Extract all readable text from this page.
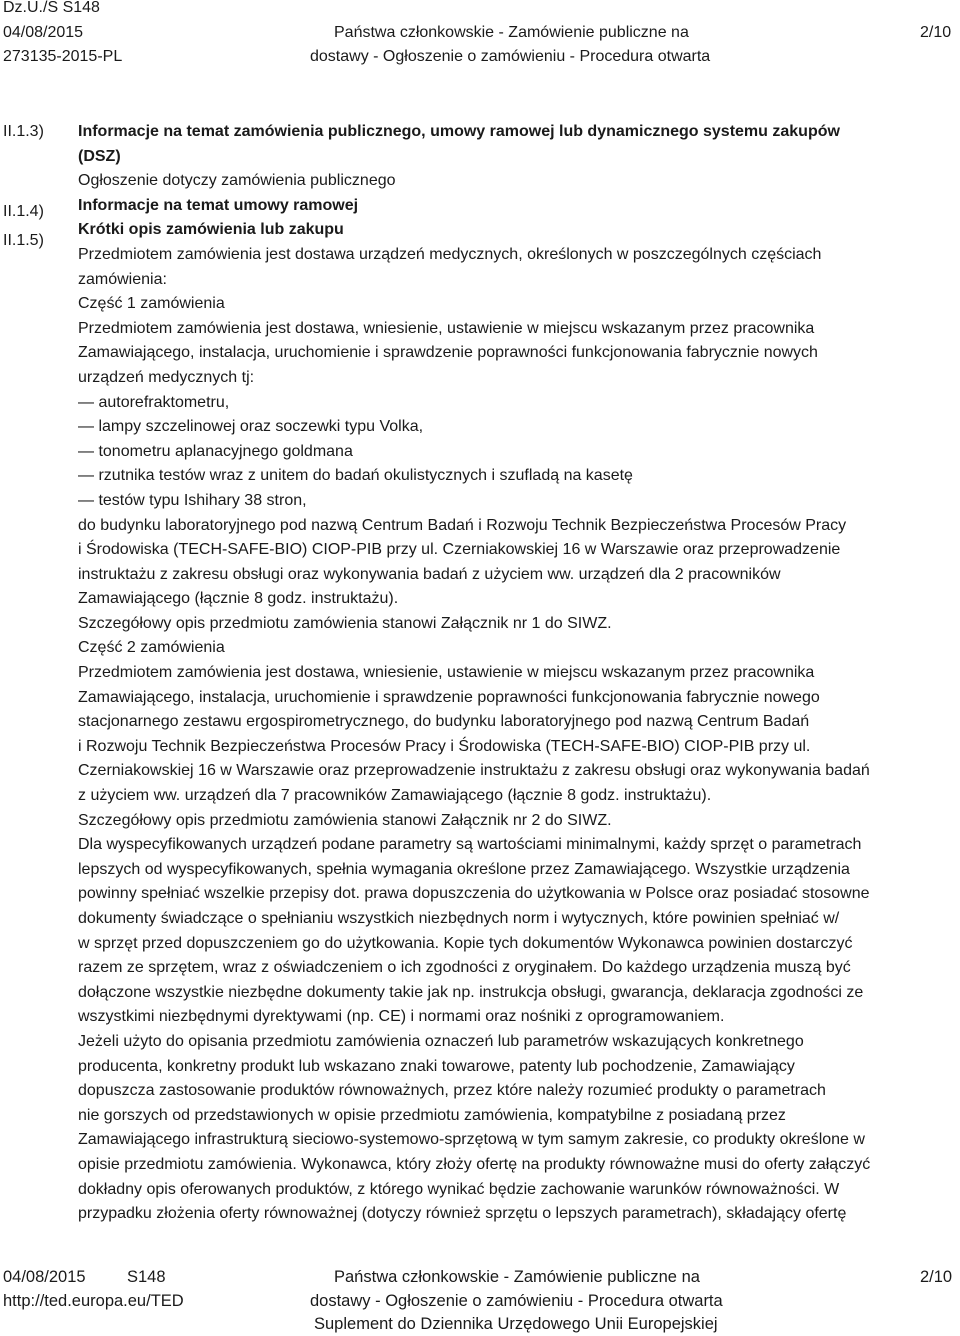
Dz.U./S S148
04/08/2015
273135-2015-PL
Państwa członkowskie - Zamówienie publiczne na
dostawy - Ogłoszenie o zamówieniu - Procedura otwarta
2/10
II.1.3)
II.1.4)
II.1.5)

Informacje na temat zamówienia publicznego, umowy ramowej lub dynamicznego systemu zakupów

(DSZ)

Ogłoszenie dotyczy zamówienia publicznego

Informacje na temat umowy ramowej

Krótki opis zamówienia lub zakupu

Przedmiotem zamówienia jest dostawa urządzeń medycznych, określonych w poszczególnych częściach

zamówienia:

Część 1 zamówienia

Przedmiotem zamówienia jest dostawa, wniesienie, ustawienie w miejscu wskazanym przez pracownika

Zamawiającego, instalacja, uruchomienie i sprawdzenie poprawności funkcjonowania fabrycznie nowych

urządzeń medycznych tj:

— autorefraktometru,

— lampy szczelinowej oraz soczewki typu Volka,

— tonometru aplanacyjnego goldmana

— rzutnika testów wraz z unitem do badań okulistycznych i szufladą na kasetę

— testów typu Ishihary 38 stron,

do budynku laboratoryjnego pod nazwą Centrum Badań i Rozwoju Technik Bezpieczeństwa Procesów Pracy

i Środowiska (TECH-SAFE-BIO) CIOP-PIB przy ul. Czerniakowskiej 16 w Warszawie oraz przeprowadzenie

instruktażu z zakresu obsługi oraz wykonywania badań z użyciem ww. urządzeń dla 2 pracowników

Zamawiającego (łącznie 8 godz. instruktażu).

Szczegółowy opis przedmiotu zamówienia stanowi Załącznik nr 1 do SIWZ.

Część 2 zamówienia

Przedmiotem zamówienia jest dostawa, wniesienie, ustawienie w miejscu wskazanym przez pracownika

Zamawiającego, instalacja, uruchomienie i sprawdzenie poprawności funkcjonowania fabrycznie nowego

stacjonarnego zestawu ergospirometrycznego, do budynku laboratoryjnego pod nazwą Centrum Badań

i Rozwoju Technik Bezpieczeństwa Procesów Pracy i Środowiska (TECH-SAFE-BIO) CIOP-PIB przy ul.

Czerniakowskiej 16 w Warszawie oraz przeprowadzenie instruktażu z zakresu obsługi oraz wykonywania badań

z użyciem ww. urządzeń dla 7 pracowników Zamawiającego (łącznie 8 godz. instruktażu).

Szczegółowy opis przedmiotu zamówienia stanowi Załącznik nr 2 do SIWZ.

Dla wyspecyfikowanych urządzeń podane parametry są wartościami minimalnymi, każdy sprzęt o parametrach

lepszych od wyspecyfikowanych, spełnia wymagania określone przez Zamawiającego. Wszystkie urządzenia

powinny spełniać wszelkie przepisy dot. prawa dopuszczenia do użytkowania w Polsce oraz posiadać stosowne

dokumenty świadczące o spełnianiu wszystkich niezbędnych norm i wytycznych, które powinien spełniać w/

w sprzęt przed dopuszczeniem go do użytkowania. Kopie tych dokumentów Wykonawca powinien dostarczyć

razem ze sprzętem, wraz z oświadczeniem o ich zgodności z oryginałem. Do każdego urządzenia muszą być

dołączone wszystkie niezbędne dokumenty takie jak np. instrukcja obsługi, gwarancja, deklaracja zgodności ze

wszystkimi niezbędnymi dyrektywami (np. CE) i normami oraz nośniki z oprogramowaniem.

Jeżeli użyto do opisania przedmiotu zamówienia oznaczeń lub parametrów wskazujących konkretnego

producenta, konkretny produkt lub wskazano znaki towarowe, patenty lub pochodzenie, Zamawiający

dopuszcza zastosowanie produktów równoważnych, przez które należy rozumieć produkty o parametrach

nie gorszych od przedstawionych w opisie przedmiotu zamówienia, kompatybilne z posiadaną przez

Zamawiającego infrastrukturą sieciowo-systemowo-sprzętową w tym samym zakresie, co produkty określone w

opisie przedmiotu zamówienia. Wykonawca, który złoży ofertę na produkty równoważne musi do oferty załączyć

dokładny opis oferowanych produktów, z którego wynikać będzie zachowanie warunków równoważności. W

przypadku złożenia oferty równoważnej (dotyczy również sprzętu o lepszych parametrach), składający ofertę

04/08/2015	S148
http://ted.europa.eu/TED
Państwa członkowskie - Zamówienie publiczne na
dostawy - Ogłoszenie o zamówieniu - Procedura otwarta
Suplement do Dziennika Urzędowego Unii Europejskiej
2/10
